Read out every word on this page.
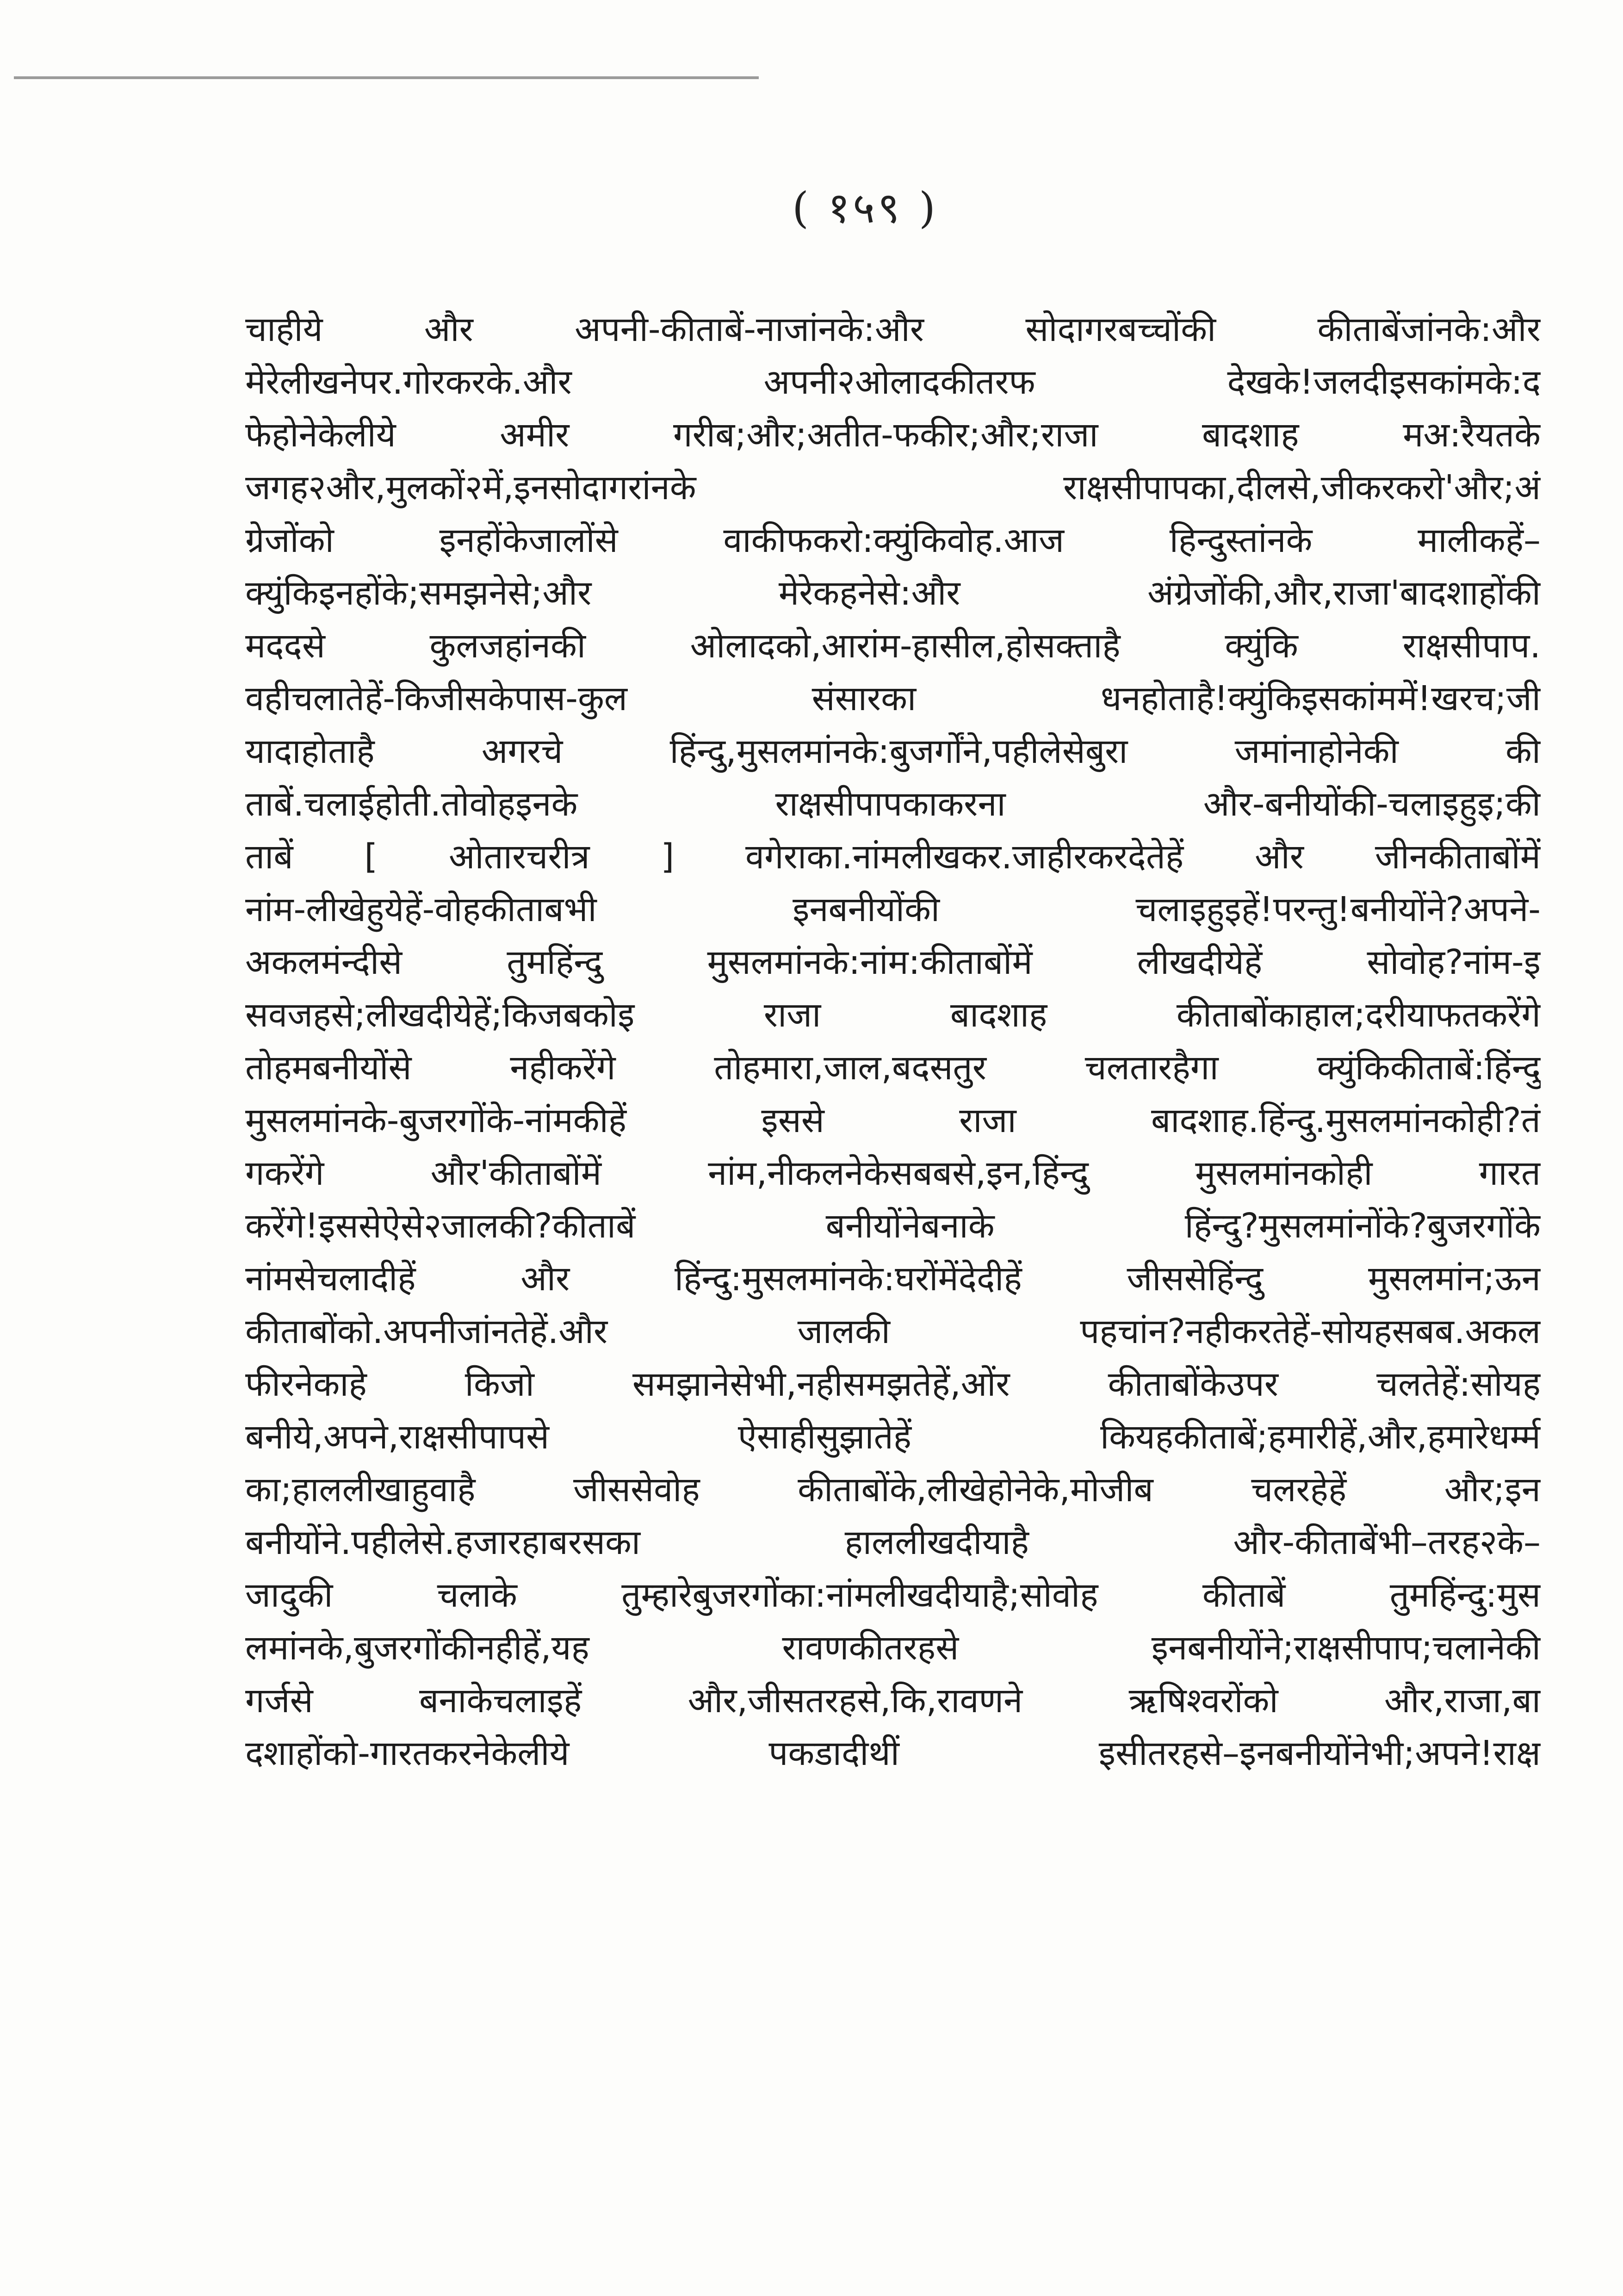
( १५९ )
चाहीये और अपनी-कीताबें-नाजांनके:और सोदागरबच्चोंकी कीताबेंजांनके:और
मेरेलीखनेपर.गोरकरके.और अपनी२ओलादकीतरफ देखके!जलदीइसकांमके:द
फेहोनेकेलीये अमीर गरीब;और;अतीत-फकीर;और;राजा बादशाह मअ:रैयतके
जगह२और,मुलकों२में,इनसोदागरांनके राक्षसीपापका,दीलसे,जीकरकरो'और;अं
ग्रेजोंको इनहोंकेजालोंसे वाकीफकरो:क्युंकिवोह.आज हिन्दुस्तांनके मालीकहें–
क्युंकिइनहोंके;समझनेसे;और मेरेकहनेसे:और अंग्रेजोंकी,और,राजा'बादशाहोंकी
मददसे कुलजहांनकी ओलादको,आरांम-हासील,होसक्ताहै क्युंकि राक्षसीपाप.
वहीचलातेहें-किजीसकेपास-कुल संसारका धनहोताहै!क्युंकिइसकांममें!खरच;जी
यादाहोताहै अगरचे हिंन्दु,मुसलमांनके:बुजर्गोंने,पहीलेसेबुरा जमांनाहोनेकी की
ताबें.चलाईहोती.तोवोहइनके राक्षसीपापकाकरना और-बनीयोंकी-चलाइहुइ;की
ताबें [ ओतारचरीत्र ] वगेराका.नांमलीखकर.जाहीरकरदेतेहें और जीनकीताबोंमें
नांम-लीखेहुयेहें-वोहकीताबभी इनबनीयोंकी चलाइहुइहें!परन्तु!बनीयोंने?अपने-
अकलमंन्दीसे तुमहिंन्दु मुसलमांनके:नांम:कीताबोंमें लीखदीयेहें सोवोह?नांम-इ
सवजहसे;लीखदीयेहें;किजबकोइ राजा बादशाह कीताबोंकाहाल;दरीयाफतकरेंगे
तोहमबनीयोंसे नहीकरेंगे तोहमारा,जाल,बदसतुर चलतारहैगा क्युंकिकीताबें:हिंन्दु
मुसलमांनके-बुजरगोंके-नांमकीहें इससे राजा बादशाह.हिंन्दु.मुसलमांनकोही?तं
गकरेंगे और'कीताबोंमें नांम,नीकलनेकेसबबसे,इन,हिंन्दु मुसलमांनकोही गारत
करेंगे!इससेऐसे२जालकी?कीताबें बनीयोंनेबनाके हिंन्दु?मुसलमांनोंके?बुजरगोंके
नांमसेचलादीहें और हिंन्दु:मुसलमांनके:घरोंमेंदेदीहें जीससेहिंन्दु मुसलमांन;ऊन
कीताबोंको.अपनीजांनतेहें.और जालकी पहचांन?नहीकरतेहें-सोयहसबब.अकल
फीरनेकाहे किजो समझानेसेभी,नहीसमझतेहें,ओंर कीताबोंकेउपर चलतेहें:सोयह
बनीये,अपने,राक्षसीपापसे ऐसाहीसुझातेहें कियहकीताबें;हमारीहें,और,हमारेधर्म्म
का;हाललीखाहुवाहै जीससेवोह कीताबोंके,लीखेहोनेके,मोजीब चलरहेहें और;इन
बनीयोंने.पहीलेसे.हजारहाबरसका हाललीखदीयाहै और-कीताबेंभी–तरह२के–
जादुकी चलाके तुम्हारेबुजरगोंका:नांमलीखदीयाहै;सोवोह कीताबें तुमहिंन्दु:मुस
लमांनके,बुजरगोंकीनहीहें,यह रावणकीतरहसे इनबनीयोंने;राक्षसीपाप;चलानेकी
गर्जसे बनाकेचलाइहें और,जीसतरहसे,कि,रावणने ऋषिश्वरोंको और,राजा,बा
दशाहोंको-गारतकरनेकेलीये पकडादीथीं इसीतरहसे–इनबनीयोंनेभी;अपने!राक्ष
